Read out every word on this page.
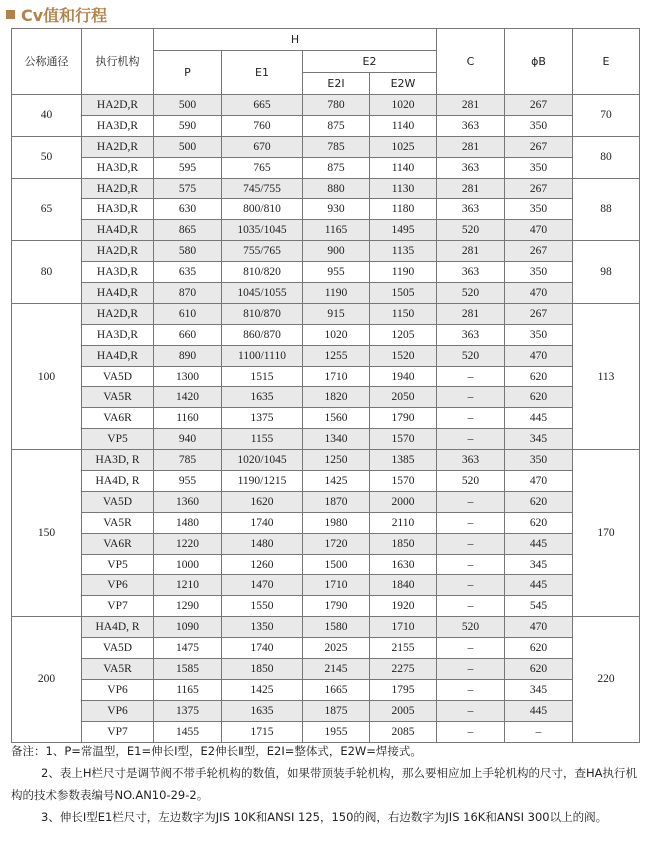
Cv值和行程
公称通径	执行机构	H				C	ϕB	E
		P	E1	E2				
				E2Ⅰ	E2W			
40	HA2D,R	500	665	780	1020	281	267	70
	HA3D,R	590	760	875	1140	363	350	
50	HA2D,R	500	670	785	1025	281	267	80
	HA3D,R	595	765	875	1140	363	350	
65	HA2D,R	575	745/755	880	1130	281	267	88
	HA3D,R	630	800/810	930	1180	363	350	
	HA4D,R	865	1035/1045	1165	1495	520	470	
80	HA2D,R	580	755/765	900	1135	281	267	98
	HA3D,R	635	810/820	955	1190	363	350	
	HA4D,R	870	1045/1055	1190	1505	520	470	
100	HA2D,R	610	810/870	915	1150	281	267	113
	HA3D,R	660	860/870	1020	1205	363	350	
	HA4D,R	890	1100/1110	1255	1520	520	470	
	VA5D	1300	1515	1710	1940	–	620	
	VA5R	1420	1635	1820	2050	–	620	
	VA6R	1160	1375	1560	1790	–	445	
	VP5	940	1155	1340	1570	–	345	
150	HA3D, R	785	1020/1045	1250	1385	363	350	170
	HA4D, R	955	1190/1215	1425	1570	520	470	
	VA5D	1360	1620	1870	2000	–	620	
	VA5R	1480	1740	1980	2110	–	620	
	VA6R	1220	1480	1720	1850	–	445	
	VP5	1000	1260	1500	1630	–	345	
	VP6	1210	1470	1710	1840	–	445	
	VP7	1290	1550	1790	1920	–	545	
200	HA4D, R	1090	1350	1580	1710	520	470	220
	VA5D	1475	1740	2025	2155	–	620	
	VA5R	1585	1850	2145	2275	–	620	
	VP6	1165	1425	1665	1795	–	345	
	VP6	1375	1635	1875	2005	–	445	
	VP7	1455	1715	1955	2085	–	–	

备注：1、P=常温型，E1=伸长Ⅰ型，E2伸长Ⅱ型，E2Ⅰ=整体式，E2W=焊接式。

2、表上H栏尺寸是调节阀不带手轮机构的数值，如果带顶装手轮机构，那么要相应加上手轮机构的尺寸，查HA执行机构的技术参数表编号NO.AN10-29-2。

3、伸长Ⅰ型E1栏尺寸，左边数字为JIS 10K和ANSI 125，150的阀，右边数字为JIS 16K和ANSI 300以上的阀。
